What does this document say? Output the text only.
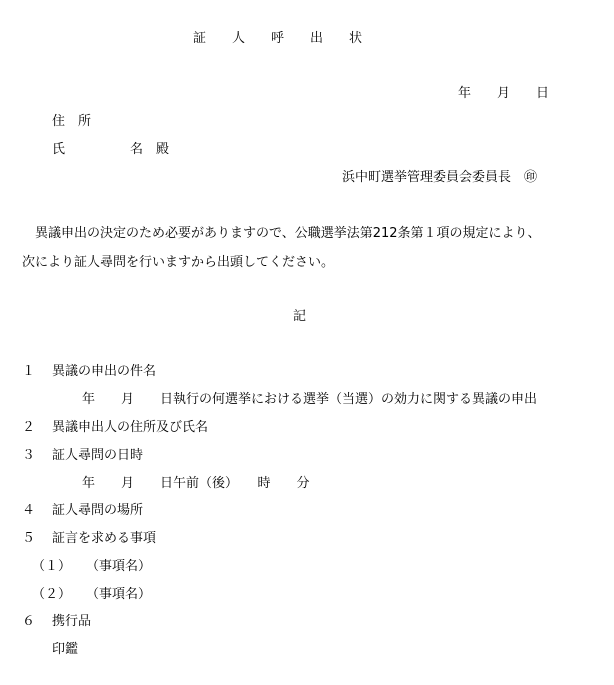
証　　人　　呼　　出　　状
年　　月　　日
住　所
氏　　　　　名　殿
浜中町選挙管理委員会委員長　㊞
　異議申出の決定のため必要がありますので、公職選挙法第212条第１項の規定により、
次により証人尋問を行いますから出頭してください。
記
１ 異議の申出の件名
年　　月　　日執行の何選挙における選挙（当選）の効力に関する異議の申出
２ 異議申出人の住所及び氏名
３ 証人尋問の日時
年　　月　　日午前（後）　　時　　分
４ 証人尋問の場所
５ 証言を求める事項
（１） （事項名）
（２） （事項名）
６ 携行品
印鑑
